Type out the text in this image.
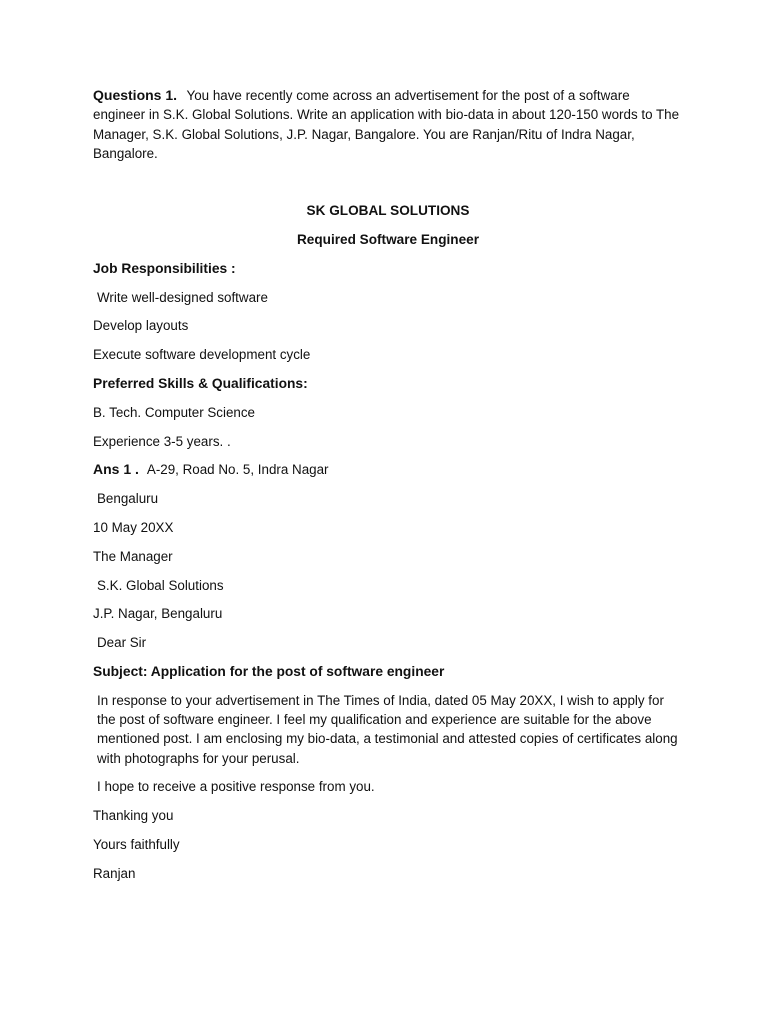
Questions 1. You have recently come across an advertisement for the post of a software engineer in S.K. Global Solutions. Write an application with bio-data in about 120-150 words to The Manager, S.K. Global Solutions, J.P. Nagar, Bangalore. You are Ranjan/Ritu of Indra Nagar, Bangalore.

SK GLOBAL SOLUTIONS

Required Software Engineer

Job Responsibilities :

Write well-designed software

Develop layouts

Execute software development cycle

Preferred Skills & Qualifications:

B. Tech. Computer Science

Experience 3-5 years. .

Ans 1 . A-29, Road No. 5, Indra Nagar

Bengaluru

10 May 20XX

The Manager

S.K. Global Solutions

J.P. Nagar, Bengaluru

Dear Sir

Subject: Application for the post of software engineer

In response to your advertisement in The Times of India, dated 05 May 20XX, I wish to apply for the post of software engineer. I feel my qualification and experience are suitable for the above mentioned post. I am enclosing my bio-data, a testimonial and attested copies of certificates along with photographs for your perusal.

I hope to receive a positive response from you.

Thanking you

Yours faithfully

Ranjan
